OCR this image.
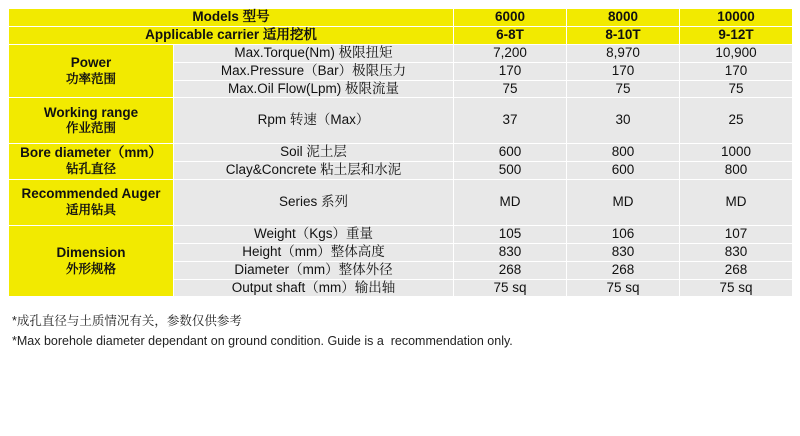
Models 型号		6000	8000	10000
Applicable carrier 适用挖机		6-8T	8-10T	9-12T
Power
功率范围	Max.Torque(Nm) 极限扭矩	7,200	8,970	10,900
	Max.Pressure（Bar）极限压力	170	170	170
	Max.Oil Flow(Lpm) 极限流量	75	75	75
Working range
作业范围	Rpm 转速（Max）	37	30	25
Bore diameter（mm）
钻孔直径	Soil 泥土层	600	800	1000
	Clay&Concrete 粘土层和水泥	500	600	800
Recommended Auger
适用钻具	Series 系列	MD	MD	MD
Dimension
外形规格	Weight（Kgs）重量	105	106	107
	Height（mm）整体高度	830	830	830
	Diameter（mm）整体外径	268	268	268
	Output shaft（mm）输出轴	75 sq	75 sq	75 sq
*成孔直径与土质情况有关，参数仅供参考
*Max borehole diameter dependant on ground condition. Guide is a  recommendation only.
